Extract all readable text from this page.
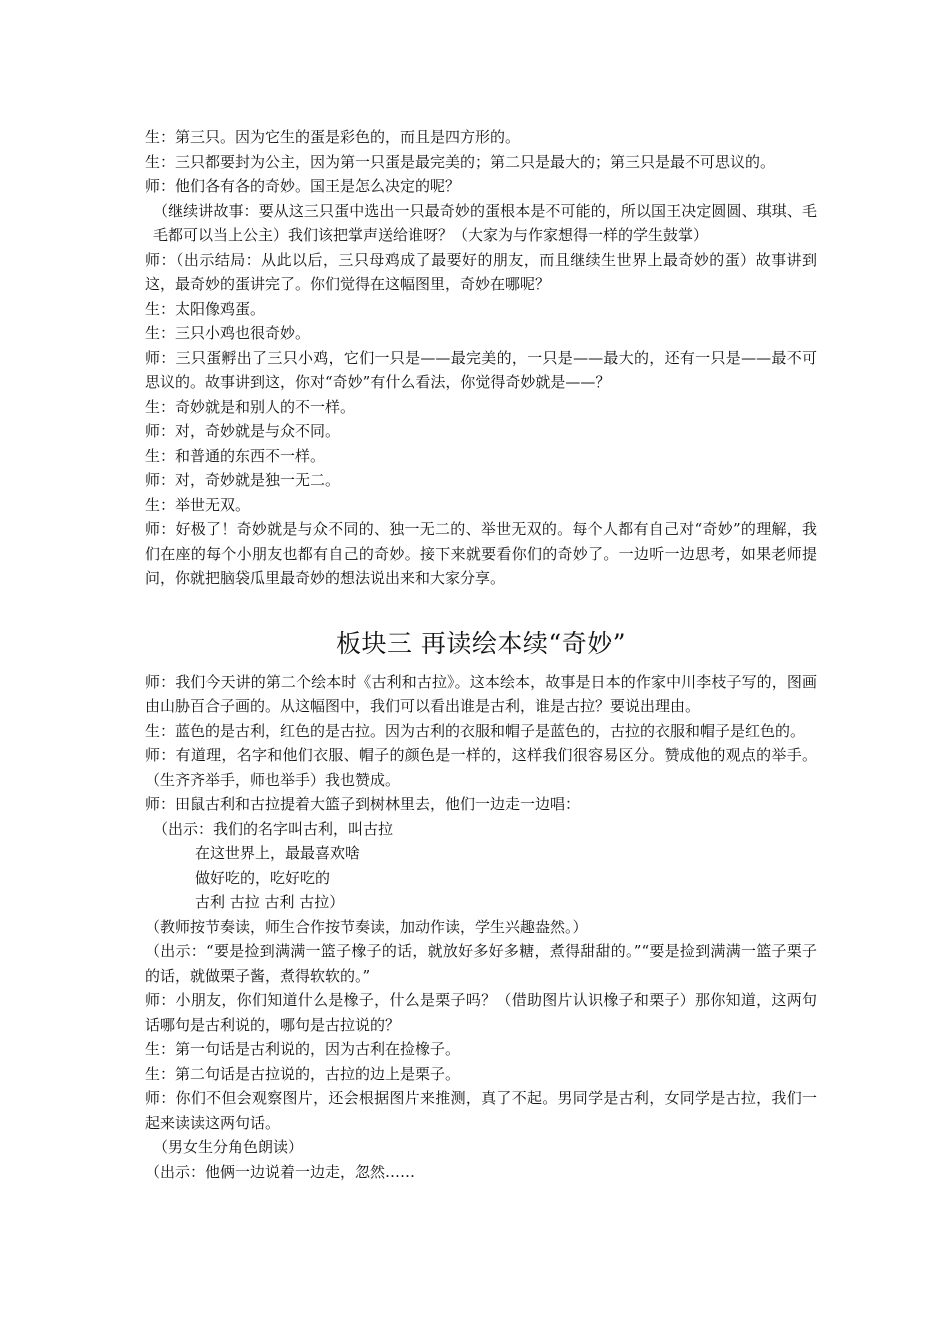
生：第三只。因为它生的蛋是彩色的，而且是四方形的。

生：三只都要封为公主，因为第一只蛋是最完美的；第二只是最大的；第三只是最不可思议的。

师：他们各有各的奇妙。国王是怎么决定的呢？

（继续讲故事：要从这三只蛋中选出一只最奇妙的蛋根本是不可能的，所以国王决定圆圆、琪琪、毛毛都可以当上公主）我们该把掌声送给谁呀？（大家为与作家想得一样的学生鼓掌）

师：（出示结局：从此以后，三只母鸡成了最要好的朋友，而且继续生世界上最奇妙的蛋）故事讲到这，最奇妙的蛋讲完了。你们觉得在这幅图里，奇妙在哪呢？

生：太阳像鸡蛋。

生：三只小鸡也很奇妙。

师：三只蛋孵出了三只小鸡，它们一只是——最完美的，一只是——最大的，还有一只是——最不可思议的。故事讲到这，你对“奇妙”有什么看法，你觉得奇妙就是——？

生：奇妙就是和别人的不一样。

师：对，奇妙就是与众不同。

生：和普通的东西不一样。

师：对，奇妙就是独一无二。

生：举世无双。

师：好极了！奇妙就是与众不同的、独一无二的、举世无双的。每个人都有自己对“奇妙”的理解，我们在座的每个小朋友也都有自己的奇妙。接下来就要看你们的奇妙了。一边听一边思考，如果老师提问，你就把脑袋瓜里最奇妙的想法说出来和大家分享。

板块三 再读绘本续“奇妙”

师：我们今天讲的第二个绘本时《古利和古拉》。这本绘本，故事是日本的作家中川李枝子写的，图画由山胁百合子画的。从这幅图中，我们可以看出谁是古利，谁是古拉？要说出理由。

生：蓝色的是古利，红色的是古拉。因为古利的衣服和帽子是蓝色的，古拉的衣服和帽子是红色的。

师：有道理，名字和他们衣服、帽子的颜色是一样的，这样我们很容易区分。赞成他的观点的举手。（生齐齐举手，师也举手）我也赞成。

师：田鼠古利和古拉提着大篮子到树林里去，他们一边走一边唱：

（出示：我们的名字叫古利，叫古拉

在这世界上，最最喜欢啥

做好吃的，吃好吃的

古利 古拉 古利 古拉）

（教师按节奏读，师生合作按节奏读，加动作读，学生兴趣盎然。）

（出示：“要是捡到满满一篮子橡子的话，就放好多好多糖，煮得甜甜的。”“要是捡到满满一篮子栗子的话，就做栗子酱，煮得软软的。”

师：小朋友，你们知道什么是橡子，什么是栗子吗？（借助图片认识橡子和栗子）那你知道，这两句话哪句是古利说的，哪句是古拉说的？

生：第一句话是古利说的，因为古利在捡橡子。

生：第二句话是古拉说的，古拉的边上是栗子。

师：你们不但会观察图片，还会根据图片来推测，真了不起。男同学是古利，女同学是古拉，我们一起来读读这两句话。

（男女生分角色朗读）

（出示：他俩一边说着一边走，忽然……
